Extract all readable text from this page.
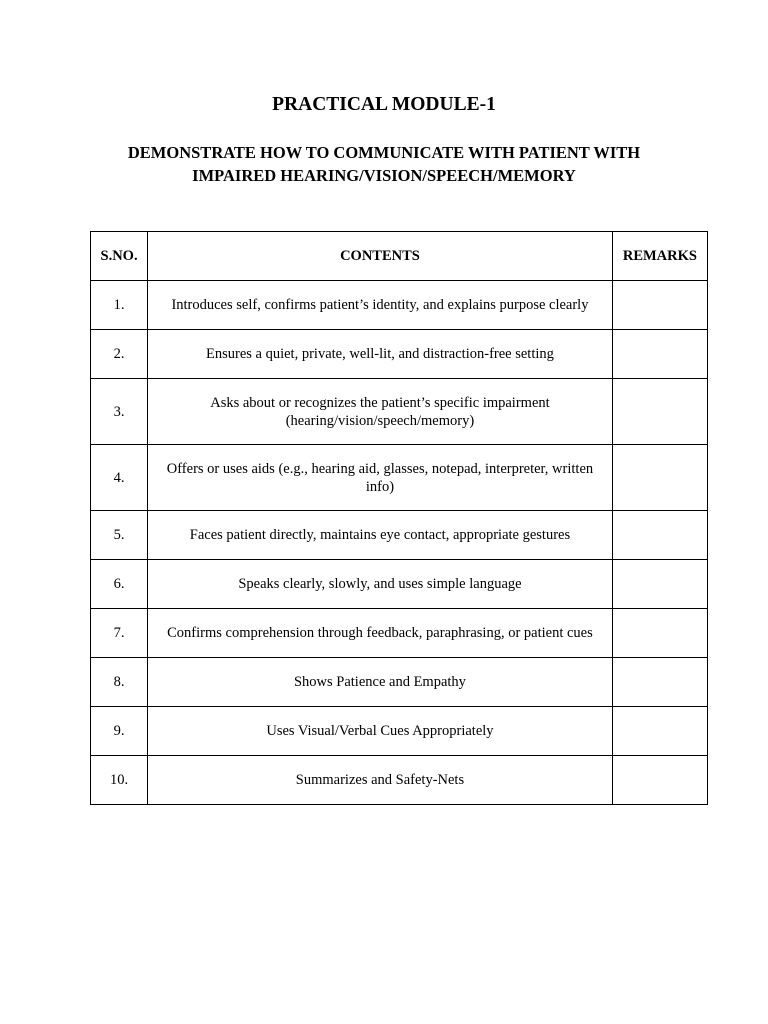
PRACTICAL MODULE-1
DEMONSTRATE HOW TO COMMUNICATE WITH PATIENT WITH
IMPAIRED HEARING/VISION/SPEECH/MEMORY
S.NO.	CONTENTS	REMARKS
1.	Introduces self, confirms patient’s identity, and explains purpose clearly	
2.	Ensures a quiet, private, well-lit, and distraction-free setting	
3.	Asks about or recognizes the patient’s specific impairment (hearing/vision/speech/memory)	
4.	Offers or uses aids (e.g., hearing aid, glasses, notepad, interpreter, written info)	
5.	Faces patient directly, maintains eye contact, appropriate gestures	
6.	Speaks clearly, slowly, and uses simple language	
7.	Confirms comprehension through feedback, paraphrasing, or patient cues	
8.	Shows Patience and Empathy	
9.	Uses Visual/Verbal Cues Appropriately	
10.	Summarizes and Safety-Nets	
